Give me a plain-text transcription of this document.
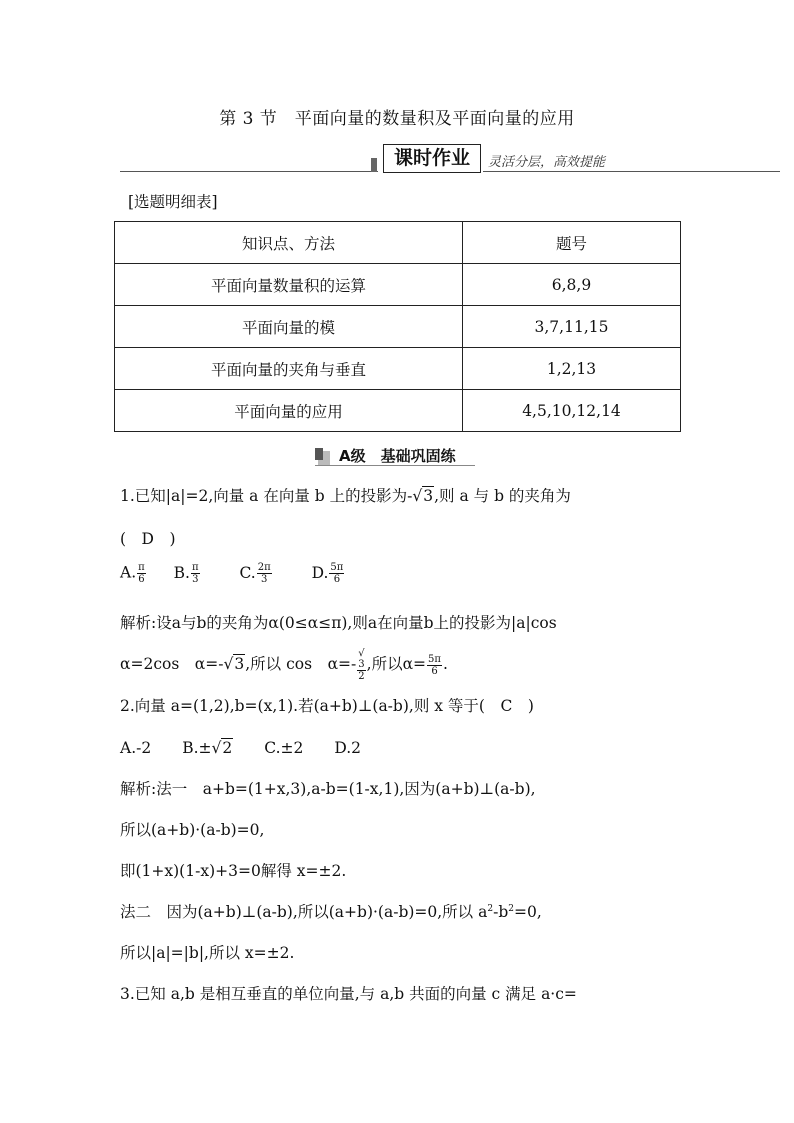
第 3 节　平面向量的数量积及平面向量的应用
课时作业	灵活分层，高效提能
[选题明细表]
知识点、方法	题号
平面向量数量积的运算	6,8,9
平面向量的模	3,7,11,15
平面向量的夹角与垂直	1,2,13
平面向量的应用	4,5,10,12,14
A级　基础巩固练
1.已知|a|=2,向量 a 在向量 b 上的投影为-√3,则 a 与 b 的夹角为
(　D　)
A. $\frac{\pi}{6} B$. $\frac{\pi}{3}$	C. $\frac{2\pi}{3}$	D. $\frac{5\pi}{6}$
解析:设a与b的夹角为α(0≤α≤π),则a在向量b上的投影为|a|cos
α=2cos　α=-√3,所以 cos　α=- √
3
2 ,所以$\alpha= \frac{5\pi}{6}$ .
2.向量 a=(1,2),b=(x,1).若(a+b)⊥(a-b),则 x 等于(　C　)
A.-2　　B.±√2　　C.±2　　D.2
解析:法一　a+b=(1+x,3),a-b=(1-x,1),因为(a+b)⊥(a-b),
所以(a+b)·(a-b)=0,
即(1+x)(1-x)+3=0解得 x=±2.
法二　因为(a+b)⊥(a-b),所以(a+b)·(a-b)=0,所以 $a^2-b^2=0$,
所以|a|=|b|,所以 x=±2.
3.已知 a,b 是相互垂直的单位向量,与 a,b 共面的向量 c 满足 a·c=
